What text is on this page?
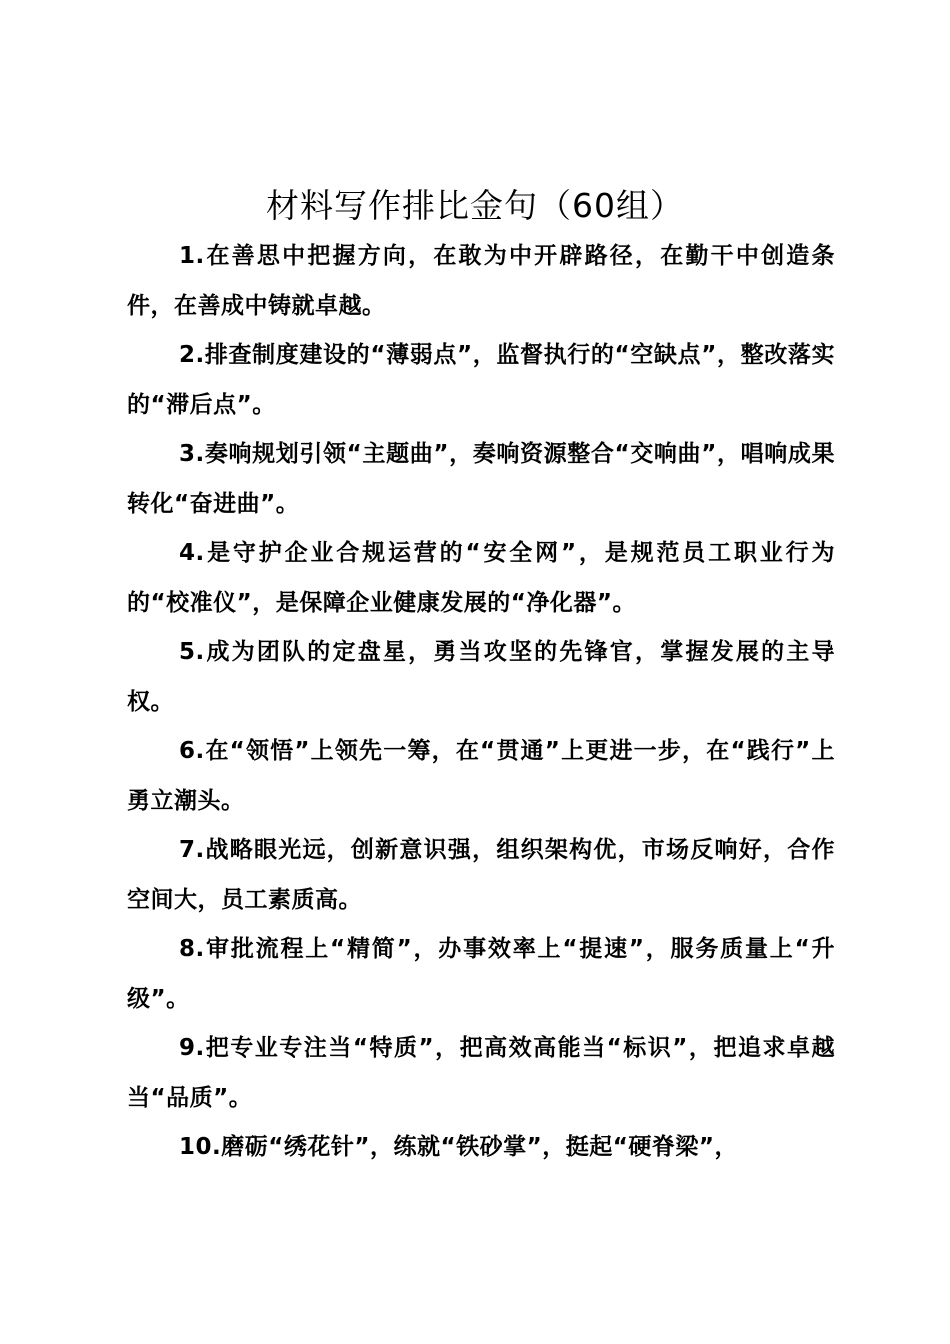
材料写作排比金句（60组）

1.在善思中把握方向，在敢为中开辟路径，在勤干中创造条件，在善成中铸就卓越。

2.排查制度建设的“薄弱点”，监督执行的“空缺点”，整改落实的“滞后点”。

3.奏响规划引领“主题曲”，奏响资源整合“交响曲”，唱响成果转化“奋进曲”。

4.是守护企业合规运营的“安全网”，是规范员工职业行为的“校准仪”，是保障企业健康发展的“净化器”。

5.成为团队的定盘星，勇当攻坚的先锋官，掌握发展的主导权。

6.在“领悟”上领先一筹，在“贯通”上更进一步，在“践行”上勇立潮头。

7.战略眼光远，创新意识强，组织架构优，市场反响好，合作空间大，员工素质高。

8.审批流程上“精简”，办事效率上“提速”，服务质量上“升级”。

9.把专业专注当“特质”，把高效高能当“标识”，把追求卓越当“品质”。

10.磨砺“绣花针”，练就“铁砂掌”，挺起“硬脊梁”，
